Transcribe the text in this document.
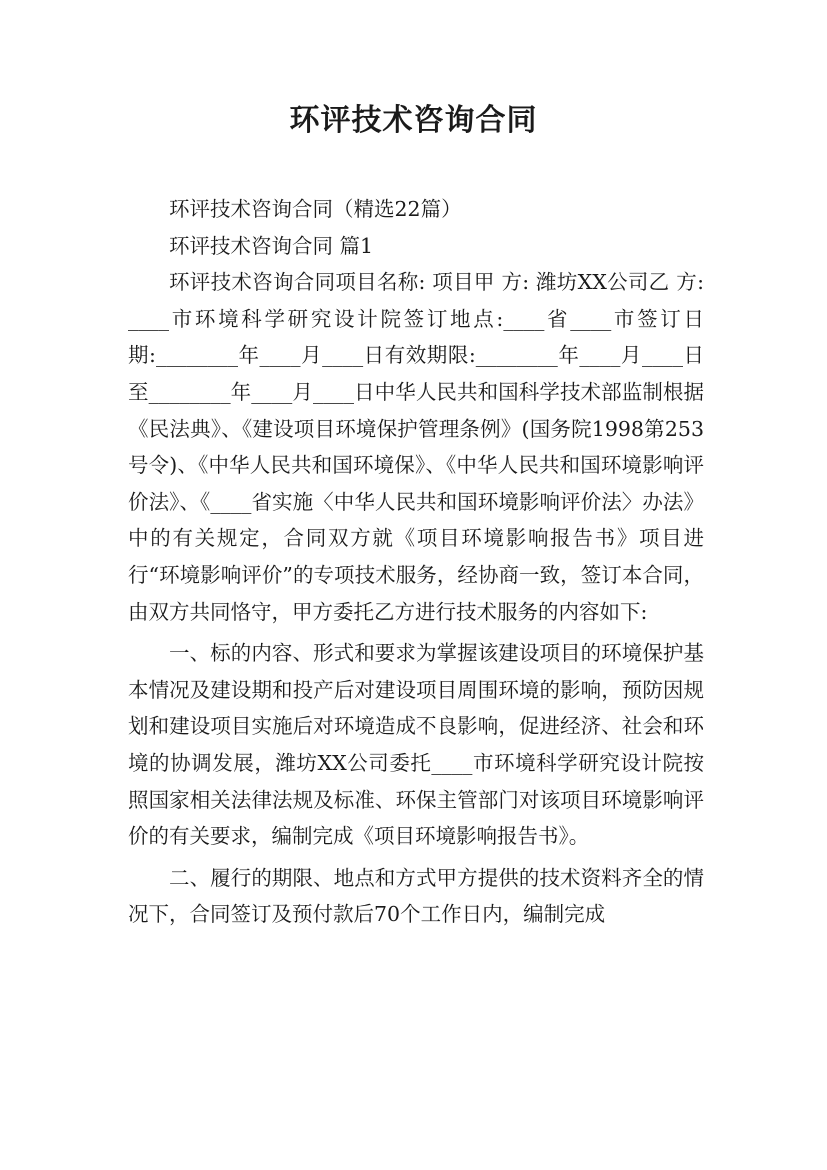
环评技术咨询合同

环评技术咨询合同（精选22篇）

环评技术咨询合同 篇1

环评技术咨询合同项目名称: 项目甲 方: 潍坊XX公司乙 方: ____市环境科学研究设计院签订地点:____省____市签订日期:________年____月____日有效期限:________年____月____日至________年____月____日中华人民共和国科学技术部监制根据《民法典》、《建设项目环境保护管理条例》(国务院1998第253号令)、《中华人民共和国环境保》、《中华人民共和国环境影响评价法》、《____省实施〈中华人民共和国环境影响评价法〉办法》中的有关规定，合同双方就《项目环境影响报告书》项目进行“环境影响评价”的专项技术服务，经协商一致，签订本合同，由双方共同恪守，甲方委托乙方进行技术服务的内容如下:

一、标的内容、形式和要求为掌握该建设项目的环境保护基本情况及建设期和投产后对建设项目周围环境的影响，预防因规划和建设项目实施后对环境造成不良影响，促进经济、社会和环境的协调发展，潍坊XX公司委托____市环境科学研究设计院按照国家相关法律法规及标准、环保主管部门对该项目环境影响评价的有关要求，编制完成《项目环境影响报告书》。

二、履行的期限、地点和方式甲方提供的技术资料齐全的情况下，合同签订及预付款后70个工作日内，编制完成
